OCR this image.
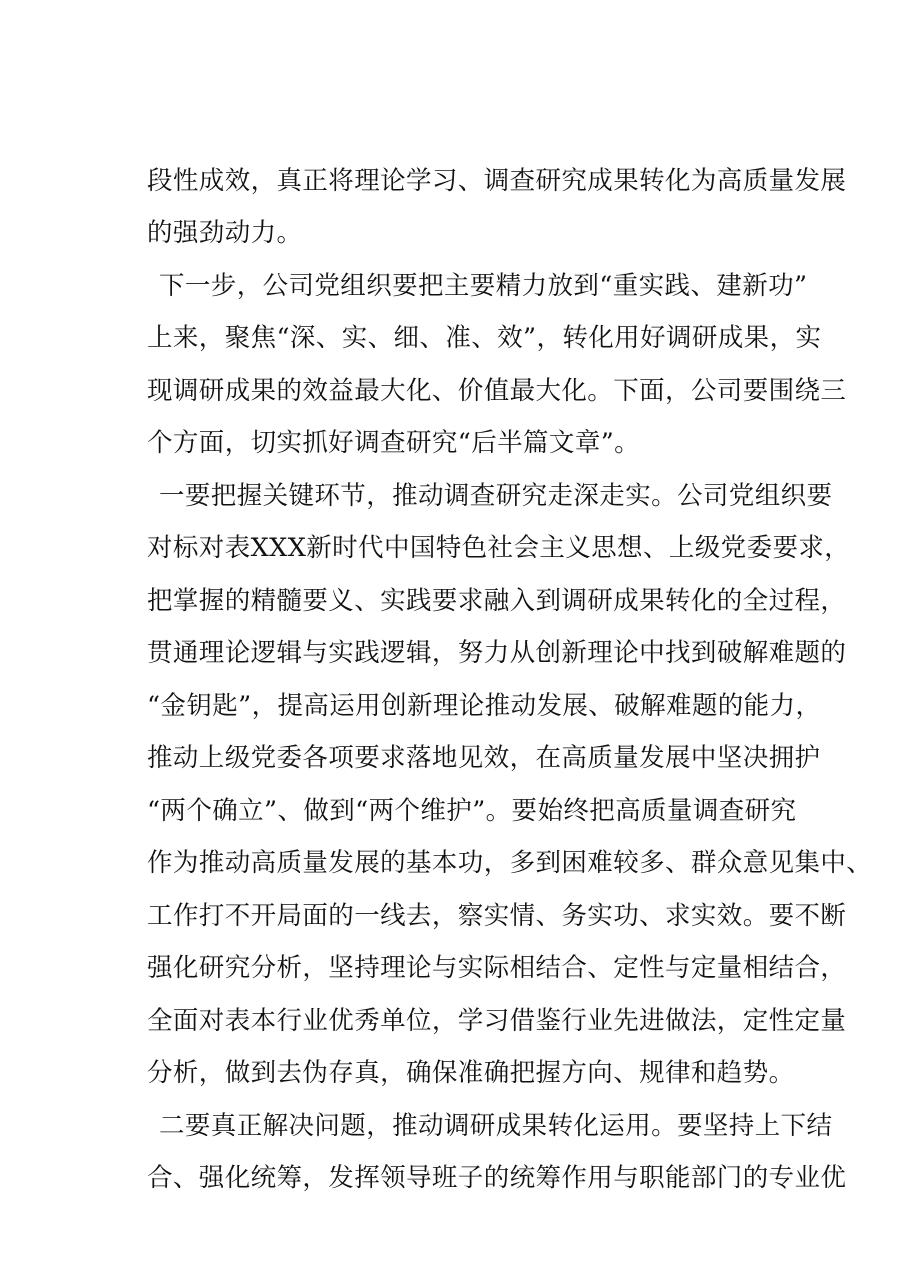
段性成效，真正将理论学习、调查研究成果转化为高质量发展
的强劲动力。
下一步，公司党组织要把主要精力放到“重实践、建新功”
上来，聚焦“深、实、细、准、效”，转化用好调研成果，实
现调研成果的效益最大化、价值最大化。下面，公司要围绕三
个方面，切实抓好调查研究“后半篇文章”。
一要把握关键环节，推动调查研究走深走实。公司党组织要
对标对表XXX新时代中国特色社会主义思想、上级党委要求，
把掌握的精髓要义、实践要求融入到调研成果转化的全过程，
贯通理论逻辑与实践逻辑，努力从创新理论中找到破解难题的
“金钥匙”，提高运用创新理论推动发展、破解难题的能力，
推动上级党委各项要求落地见效，在高质量发展中坚决拥护
“两个确立”、做到“两个维护”。要始终把高质量调查研究
作为推动高质量发展的基本功，多到困难较多、群众意见集中、
工作打不开局面的一线去，察实情、务实功、求实效。要不断
强化研究分析，坚持理论与实际相结合、定性与定量相结合，
全面对表本行业优秀单位，学习借鉴行业先进做法，定性定量
分析，做到去伪存真，确保准确把握方向、规律和趋势。
二要真正解决问题，推动调研成果转化运用。要坚持上下结
合、强化统筹，发挥领导班子的统筹作用与职能部门的专业优
